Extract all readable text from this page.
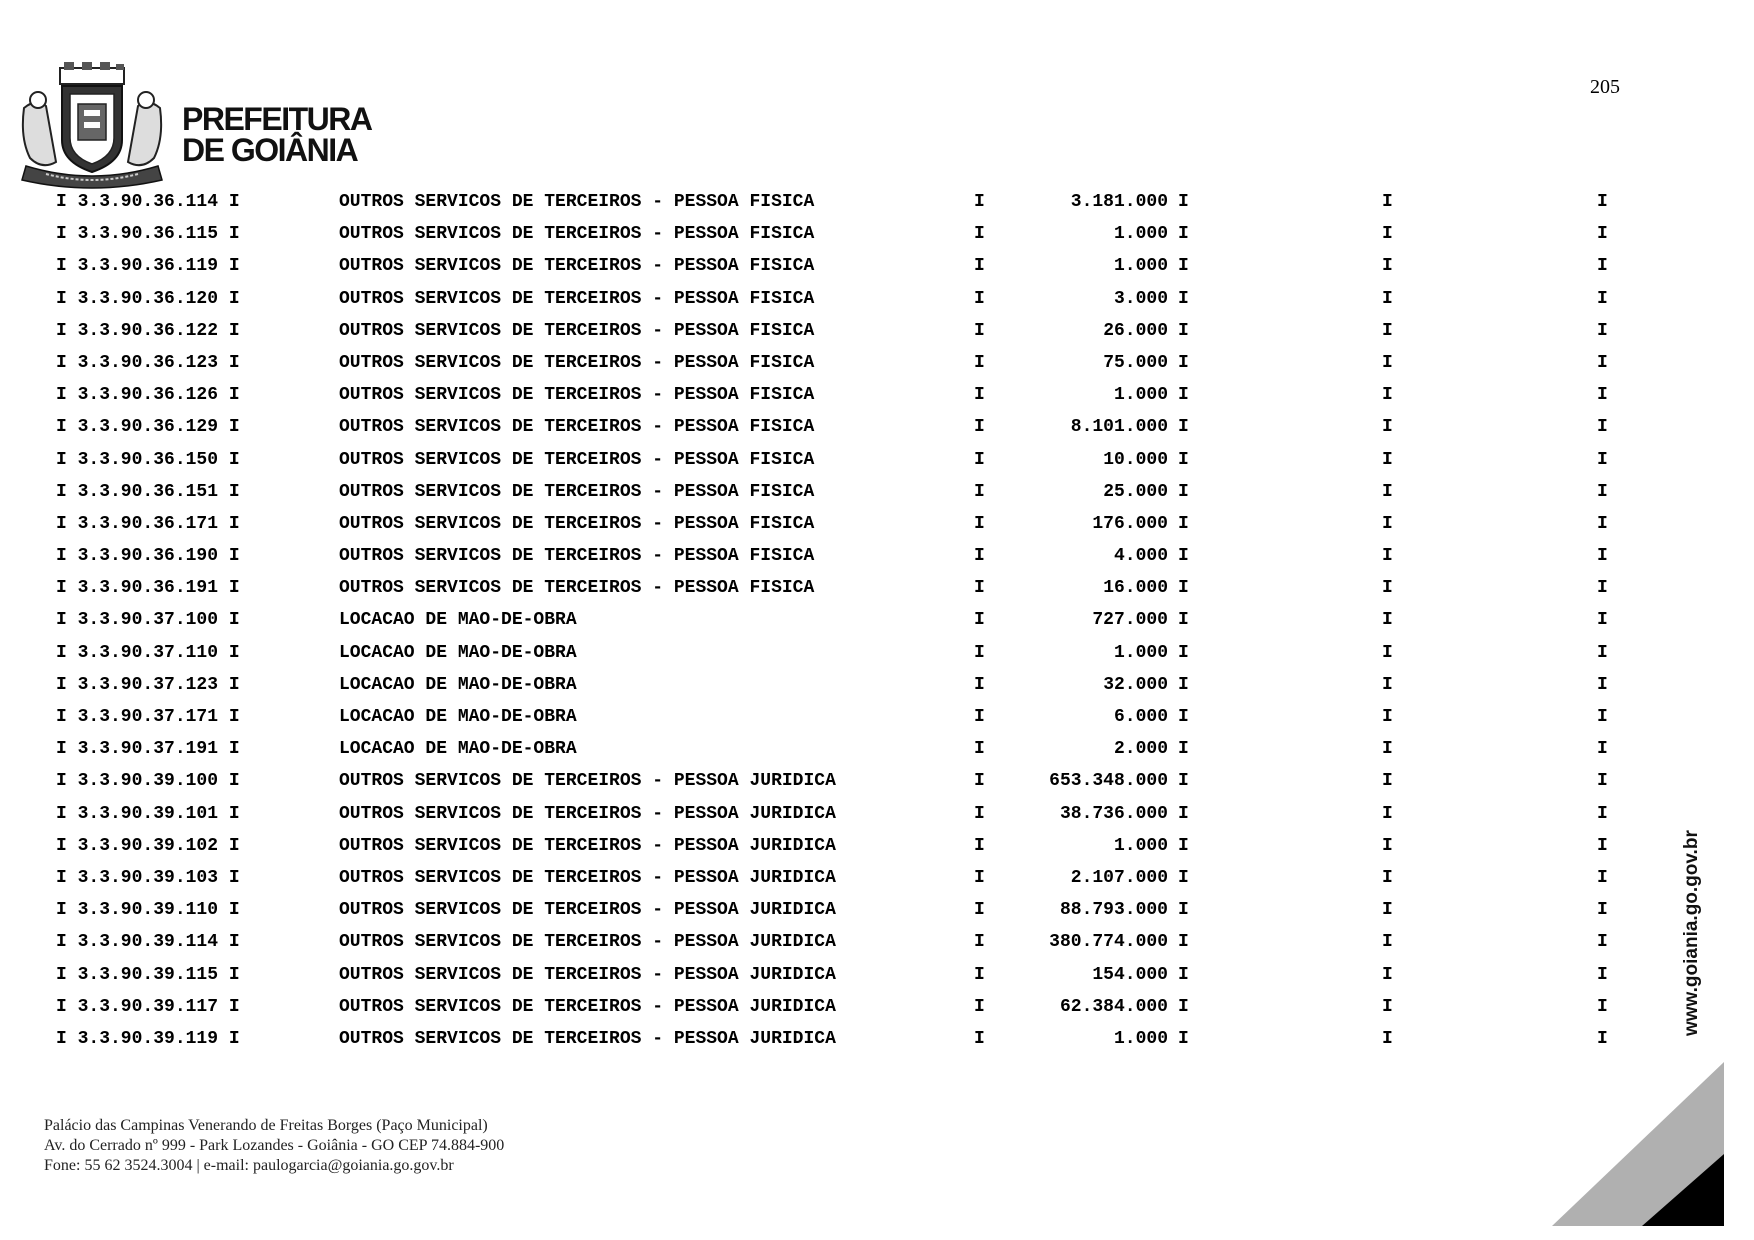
PREFEITURA
DE GOIÂNIA
205
I 3.3.90.36.114 I	OUTROS SERVICOS DE TERCEIROS - PESSOA FISICA	I	3.181.000 I	I	I
I 3.3.90.36.115 I	OUTROS SERVICOS DE TERCEIROS - PESSOA FISICA	I	1.000 I	I	I
I 3.3.90.36.119 I	OUTROS SERVICOS DE TERCEIROS - PESSOA FISICA	I	1.000 I	I	I
I 3.3.90.36.120 I	OUTROS SERVICOS DE TERCEIROS - PESSOA FISICA	I	3.000 I	I	I
I 3.3.90.36.122 I	OUTROS SERVICOS DE TERCEIROS - PESSOA FISICA	I	26.000 I	I	I
I 3.3.90.36.123 I	OUTROS SERVICOS DE TERCEIROS - PESSOA FISICA	I	75.000 I	I	I
I 3.3.90.36.126 I	OUTROS SERVICOS DE TERCEIROS - PESSOA FISICA	I	1.000 I	I	I
I 3.3.90.36.129 I	OUTROS SERVICOS DE TERCEIROS - PESSOA FISICA	I	8.101.000 I	I	I
I 3.3.90.36.150 I	OUTROS SERVICOS DE TERCEIROS - PESSOA FISICA	I	10.000 I	I	I
I 3.3.90.36.151 I	OUTROS SERVICOS DE TERCEIROS - PESSOA FISICA	I	25.000 I	I	I
I 3.3.90.36.171 I	OUTROS SERVICOS DE TERCEIROS - PESSOA FISICA	I	176.000 I	I	I
I 3.3.90.36.190 I	OUTROS SERVICOS DE TERCEIROS - PESSOA FISICA	I	4.000 I	I	I
I 3.3.90.36.191 I	OUTROS SERVICOS DE TERCEIROS - PESSOA FISICA	I	16.000 I	I	I
I 3.3.90.37.100 I	LOCACAO DE MAO-DE-OBRA	I	727.000 I	I	I
I 3.3.90.37.110 I	LOCACAO DE MAO-DE-OBRA	I	1.000 I	I	I
I 3.3.90.37.123 I	LOCACAO DE MAO-DE-OBRA	I	32.000 I	I	I
I 3.3.90.37.171 I	LOCACAO DE MAO-DE-OBRA	I	6.000 I	I	I
I 3.3.90.37.191 I	LOCACAO DE MAO-DE-OBRA	I	2.000 I	I	I
I 3.3.90.39.100 I	OUTROS SERVICOS DE TERCEIROS - PESSOA JURIDICA	I	653.348.000 I	I	I
I 3.3.90.39.101 I	OUTROS SERVICOS DE TERCEIROS - PESSOA JURIDICA	I	38.736.000 I	I	I
I 3.3.90.39.102 I	OUTROS SERVICOS DE TERCEIROS - PESSOA JURIDICA	I	1.000 I	I	I
I 3.3.90.39.103 I	OUTROS SERVICOS DE TERCEIROS - PESSOA JURIDICA	I	2.107.000 I	I	I
I 3.3.90.39.110 I	OUTROS SERVICOS DE TERCEIROS - PESSOA JURIDICA	I	88.793.000 I	I	I
I 3.3.90.39.114 I	OUTROS SERVICOS DE TERCEIROS - PESSOA JURIDICA	I	380.774.000 I	I	I
I 3.3.90.39.115 I	OUTROS SERVICOS DE TERCEIROS - PESSOA JURIDICA	I	154.000 I	I	I
I 3.3.90.39.117 I	OUTROS SERVICOS DE TERCEIROS - PESSOA JURIDICA	I	62.384.000 I	I	I
I 3.3.90.39.119 I	OUTROS SERVICOS DE TERCEIROS - PESSOA JURIDICA	I	1.000 I	I	I
www.goiania.go.gov.br
Palácio das Campinas Venerando de Freitas Borges (Paço Municipal)
Av. do Cerrado nº 999 - Park Lozandes - Goiânia - GO CEP 74.884-900
Fone: 55 62 3524.3004 | e-mail: paulogarcia@goiania.go.gov.br
